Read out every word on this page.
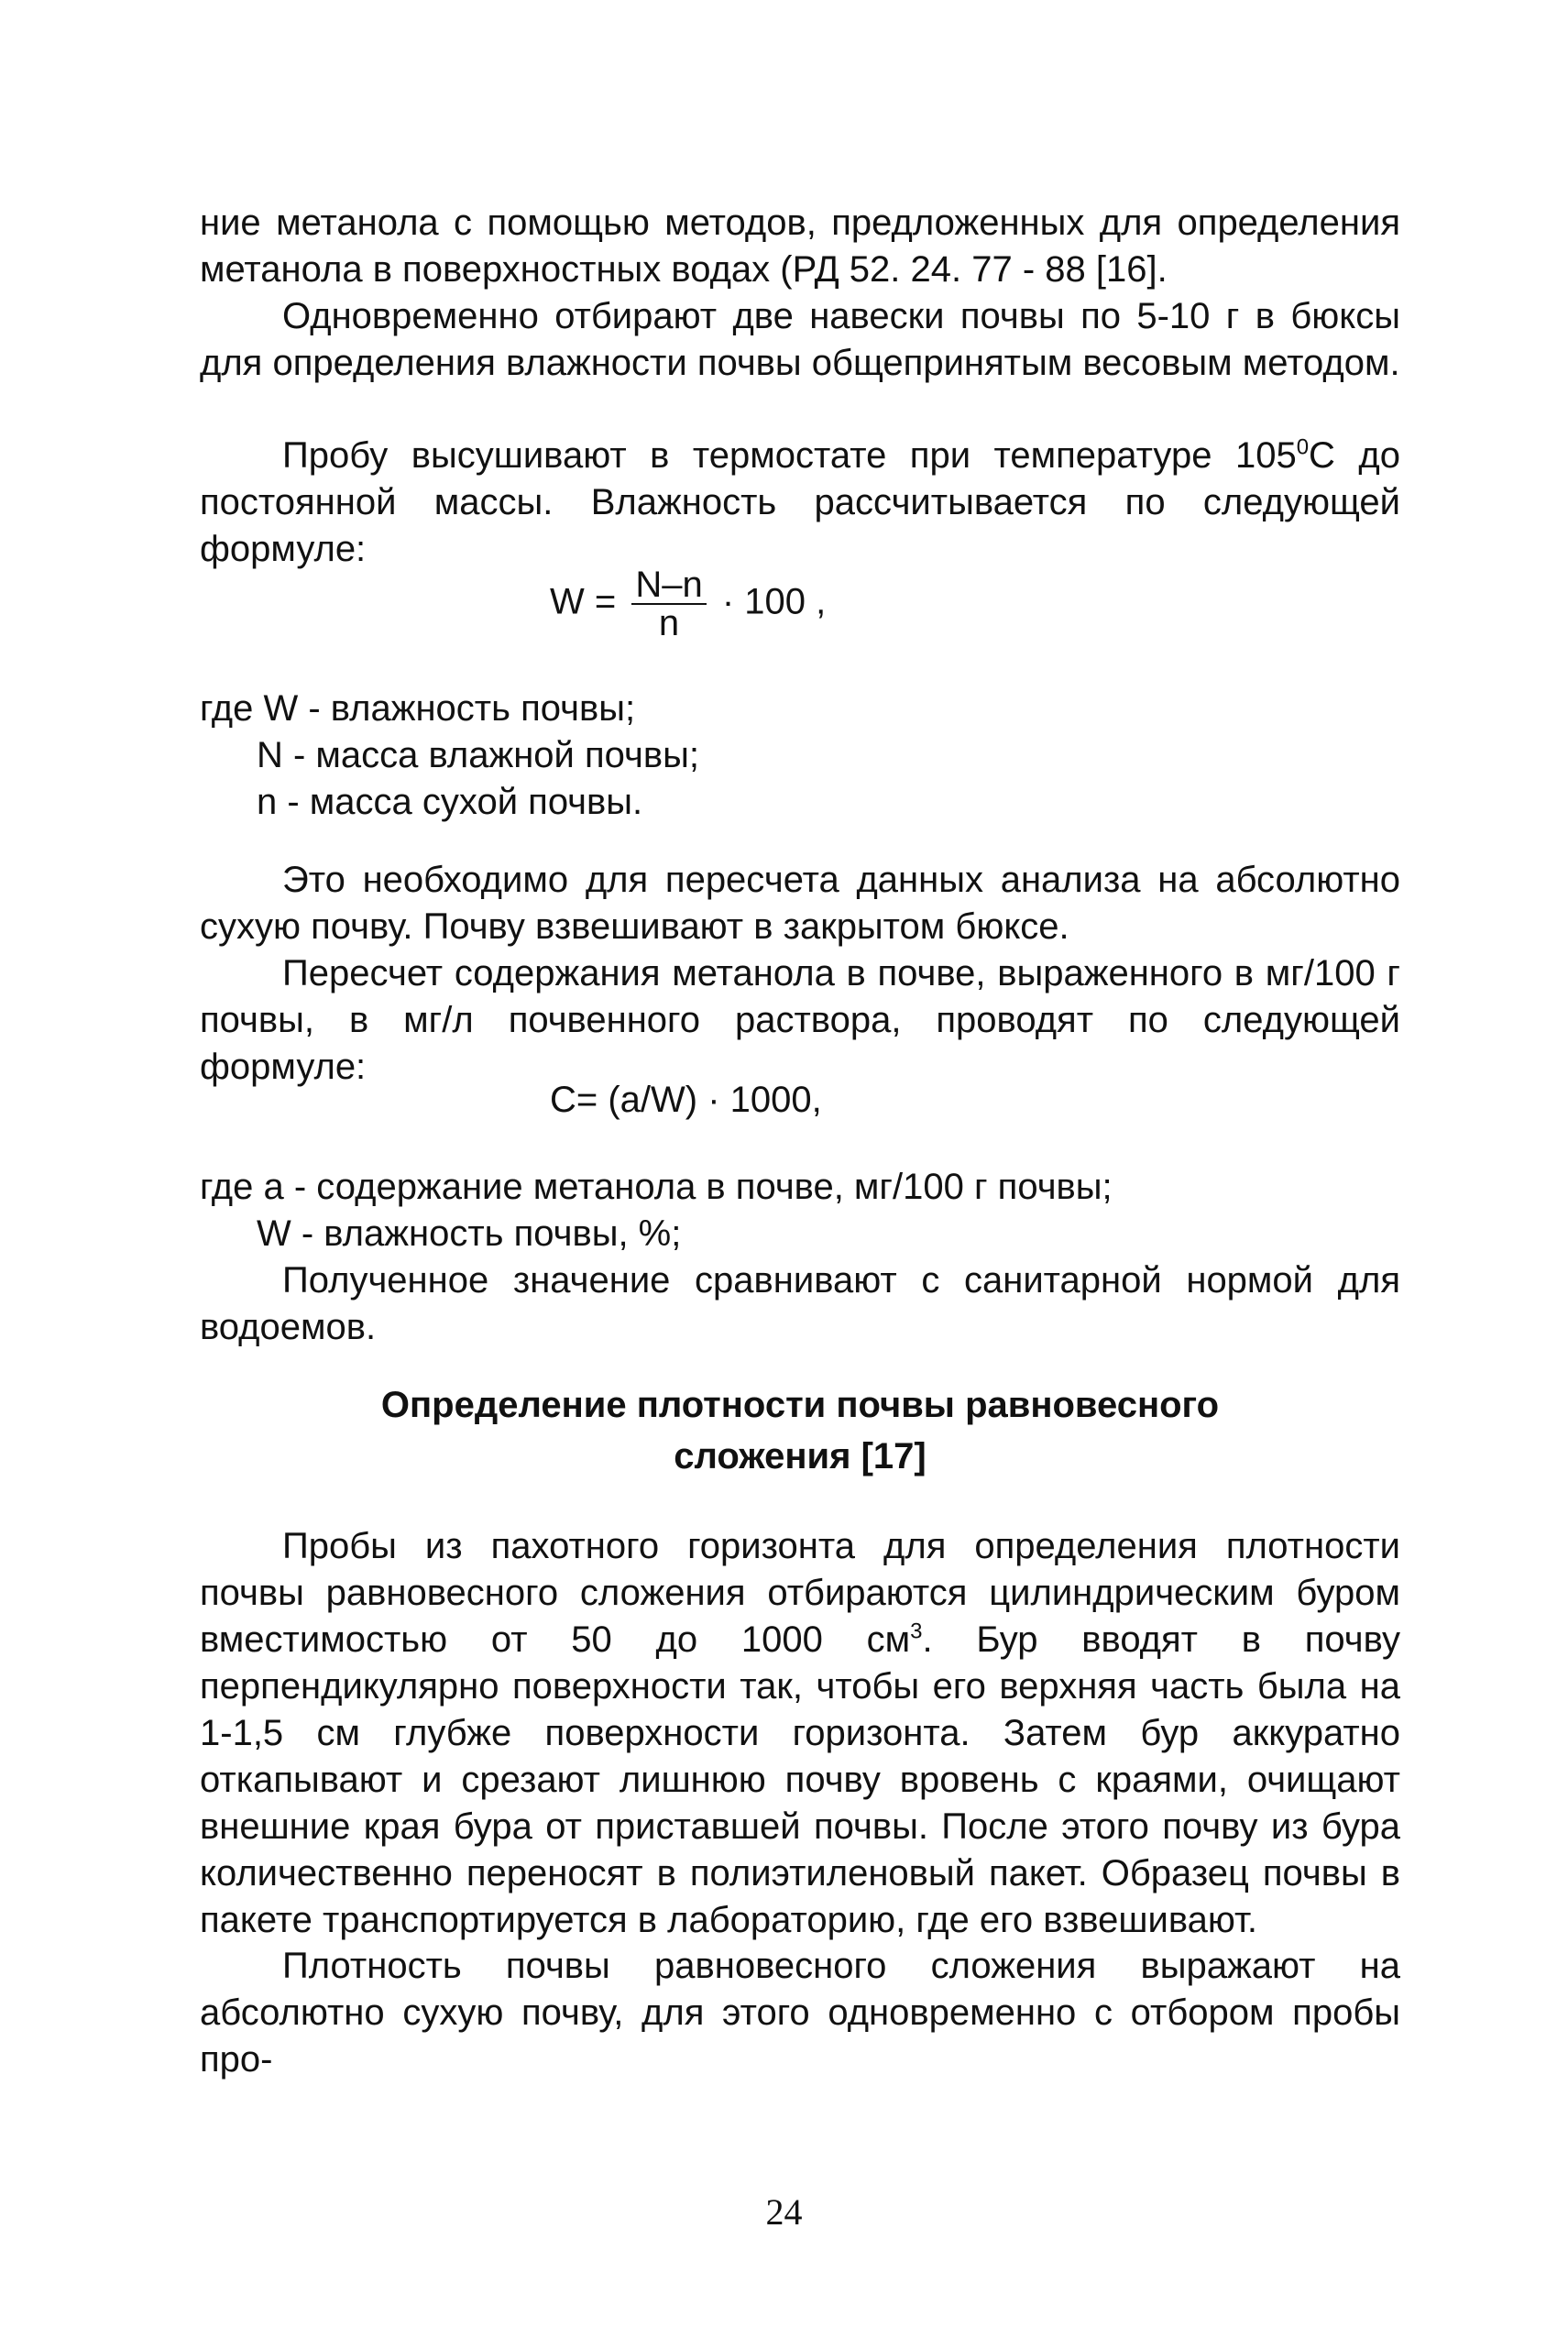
ние метанола с помощью методов, предложенных для определения метанола в поверхностных водах (РД 52. 24. 77 - 88 [16].

Одновременно отбирают две навески почвы по 5-10 г в бюксы для определения влажности почвы общепринятым весовым методом.

Пробу высушивают в термостате при температуре $105^0С$ до постоянной массы. Влажность рассчитывается по следующей формуле:

$W = \frac{N-n}{n} \cdot 100$ ,
где W - влажность почвы;
N - масса влажной почвы;
n - масса сухой почвы.

Это необходимо для пересчета данных анализа на абсолютно сухую почву. Почву взвешивают в закрытом бюксе.

Пересчет содержания метанола в почве, выраженного в мг/100 г почвы, в мг/л почвенного раствора, проводят по следующей формуле:

C= (a/W) · 1000,
где а - содержание метанола в почве, мг/100 г почвы;
W - влажность почвы, %;

Полученное значение сравнивают с санитарной нормой для водоемов.

Определение плотности почвы равновесного
сложения [17]

Пробы из пахотного горизонта для определения плотности почвы равновесного сложения отбираются цилиндрическим буром вместимостью от 50 до 1000 $см^3$. Бур вводят в почву перпендикулярно поверхности так, чтобы его верхняя часть была на 1-1,5 см глубже поверхности горизонта. Затем бур аккуратно откапывают и срезают лишнюю почву вровень с краями, очищают внешние края бура от приставшей почвы. После этого почву из бура количественно переносят в полиэтиленовый пакет. Образец почвы в пакете транспортируется в лабораторию, где его взвешивают.

Плотность почвы равновесного сложения выражают на абсолютно сухую почву, для этого одновременно с отбором пробы про-

24
